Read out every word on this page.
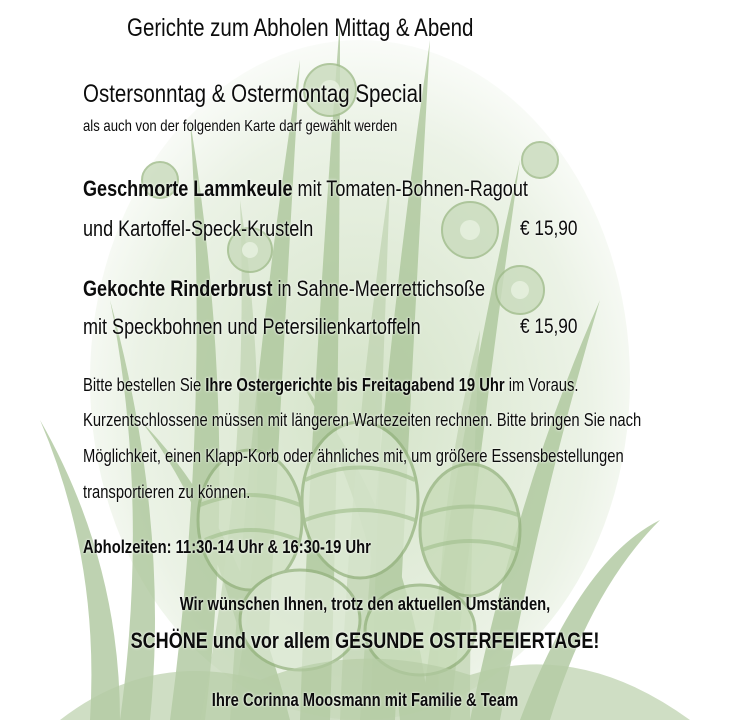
Gerichte zum Abholen Mittag & Abend
Ostersonntag & Ostermontag Special
als auch von der folgenden Karte darf gewählt werden
Geschmorte Lammkeule mit Tomaten-Bohnen-Ragout
und Kartoffel-Speck-Krusteln	€ 15,90
Gekochte Rinderbrust in Sahne-Meerrettichsoße
mit Speckbohnen und Petersilienkartoffeln	€ 15,90
Bitte bestellen Sie Ihre Ostergerichte bis Freitagabend 19 Uhr im Voraus.
Kurzentschlossene müssen mit längeren Wartezeiten rechnen. Bitte bringen Sie nach
Möglichkeit, einen Klapp-Korb oder ähnliches mit, um größere Essensbestellungen
transportieren zu können.
Abholzeiten: 11:30-14 Uhr & 16:30-19 Uhr
Wir wünschen Ihnen, trotz den aktuellen Umständen,
SCHÖNE und vor allem GESUNDE OSTERFEIERTAGE!
Ihre Corinna Moosmann mit Familie & Team
